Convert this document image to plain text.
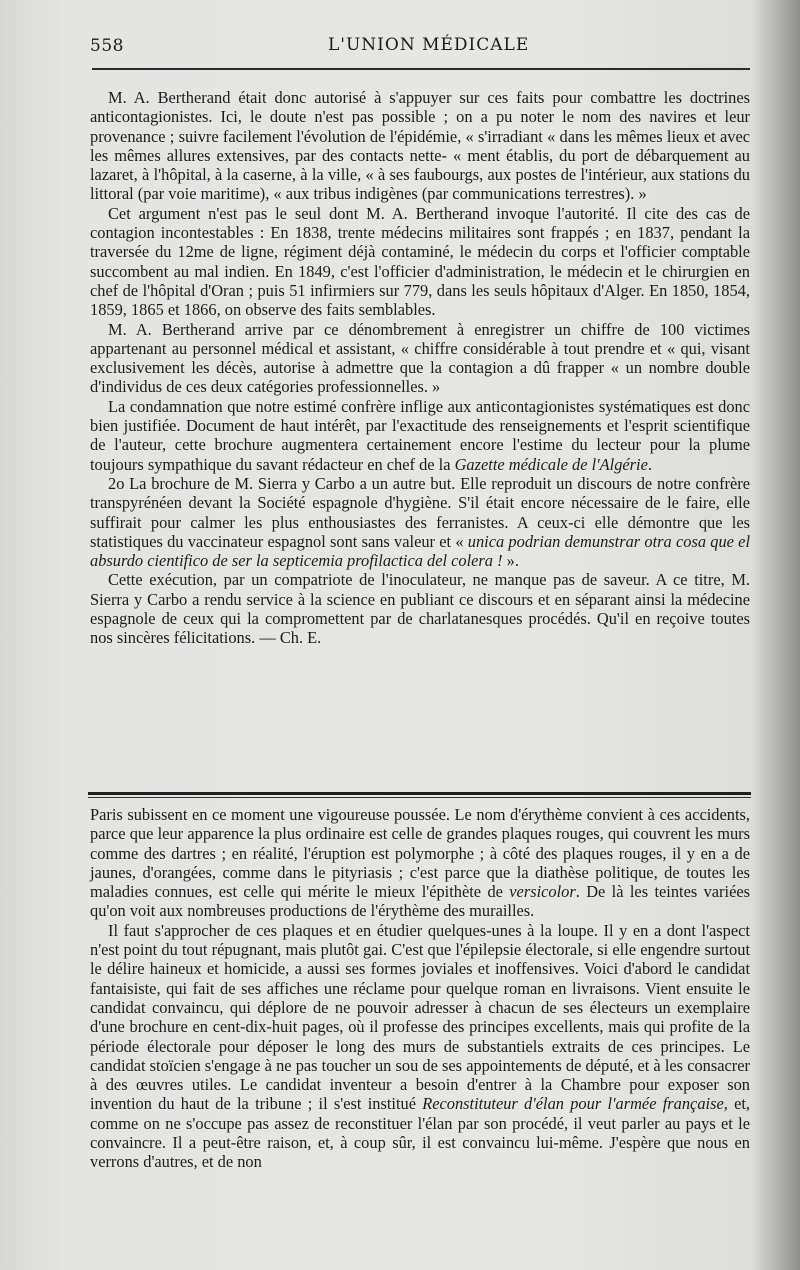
558	L'UNION MÉDICALE

M. A. Bertherand était donc autorisé à s'appuyer sur ces faits pour combattre les doctrines anticontagionistes. Ici, le doute n'est pas possible ; on a pu noter le nom des navires et leur provenance ; suivre facilement l'évolution de l'épidémie, « s'irradiant « dans les mêmes lieux et avec les mêmes allures extensives, par des contacts nette- « ment établis, du port de débarquement au lazaret, à l'hôpital, à la caserne, à la ville, « à ses faubourgs, aux postes de l'intérieur, aux stations du littoral (par voie maritime), « aux tribus indigènes (par communications terrestres). »

Cet argument n'est pas le seul dont M. A. Bertherand invoque l'autorité. Il cite des cas de contagion incontestables : En 1838, trente médecins militaires sont frappés ; en 1837, pendant la traversée du 12me de ligne, régiment déjà contaminé, le médecin du corps et l'officier comptable succombent au mal indien. En 1849, c'est l'officier d'administration, le médecin et le chirurgien en chef de l'hôpital d'Oran ; puis 51 infirmiers sur 779, dans les seuls hôpitaux d'Alger. En 1850, 1854, 1859, 1865 et 1866, on observe des faits semblables.

M. A. Bertherand arrive par ce dénombrement à enregistrer un chiffre de 100 victimes appartenant au personnel médical et assistant, « chiffre considérable à tout prendre et « qui, visant exclusivement les décès, autorise à admettre que la contagion a dû frapper « un nombre double d'individus de ces deux catégories professionnelles. »

La condamnation que notre estimé confrère inflige aux anticontagionistes systématiques est donc bien justifiée. Document de haut intérêt, par l'exactitude des renseignements et l'esprit scientifique de l'auteur, cette brochure augmentera certainement encore l'estime du lecteur pour la plume toujours sympathique du savant rédacteur en chef de la Gazette médicale de l'Algérie.

2o La brochure de M. Sierra y Carbo a un autre but. Elle reproduit un discours de notre confrère transpyrénéen devant la Société espagnole d'hygiène. S'il était encore nécessaire de le faire, elle suffirait pour calmer les plus enthousiastes des ferranistes. A ceux-ci elle démontre que les statistiques du vaccinateur espagnol sont sans valeur et « unica podrian demunstrar otra cosa que el absurdo cientifico de ser la septicemia profilactica del colera ! ».

Cette exécution, par un compatriote de l'inoculateur, ne manque pas de saveur. A ce titre, M. Sierra y Carbo a rendu service à la science en publiant ce discours et en séparant ainsi la médecine espagnole de ceux qui la compromettent par de charlatanesques procédés. Qu'il en reçoive toutes nos sincères félicitations. — Ch. E.

Paris subissent en ce moment une vigoureuse poussée. Le nom d'érythème convient à ces accidents, parce que leur apparence la plus ordinaire est celle de grandes plaques rouges, qui couvrent les murs comme des dartres ; en réalité, l'éruption est polymorphe ; à côté des plaques rouges, il y en a de jaunes, d'orangées, comme dans le pityriasis ; c'est parce que la diathèse politique, de toutes les maladies connues, est celle qui mérite le mieux l'épithète de versicolor. De là les teintes variées qu'on voit aux nombreuses productions de l'érythème des murailles.

Il faut s'approcher de ces plaques et en étudier quelques-unes à la loupe. Il y en a dont l'aspect n'est point du tout répugnant, mais plutôt gai. C'est que l'épilepsie électorale, si elle engendre surtout le délire haineux et homicide, a aussi ses formes joviales et inoffensives. Voici d'abord le candidat fantaisiste, qui fait de ses affiches une réclame pour quelque roman en livraisons. Vient ensuite le candidat convaincu, qui déplore de ne pouvoir adresser à chacun de ses électeurs un exemplaire d'une brochure en cent-dix-huit pages, où il professe des principes excellents, mais qui profite de la période électorale pour déposer le long des murs de substantiels extraits de ces principes. Le candidat stoïcien s'engage à ne pas toucher un sou de ses appointements de député, et à les consacrer à des œuvres utiles. Le candidat inventeur a besoin d'entrer à la Chambre pour exposer son invention du haut de la tribune ; il s'est institué Reconstituteur d'élan pour l'armée française, et, comme on ne s'occupe pas assez de reconstituer l'élan par son procédé, il veut parler au pays et le convaincre. Il a peut-être raison, et, à coup sûr, il est convaincu lui-même. J'espère que nous en verrons d'autres, et de non
